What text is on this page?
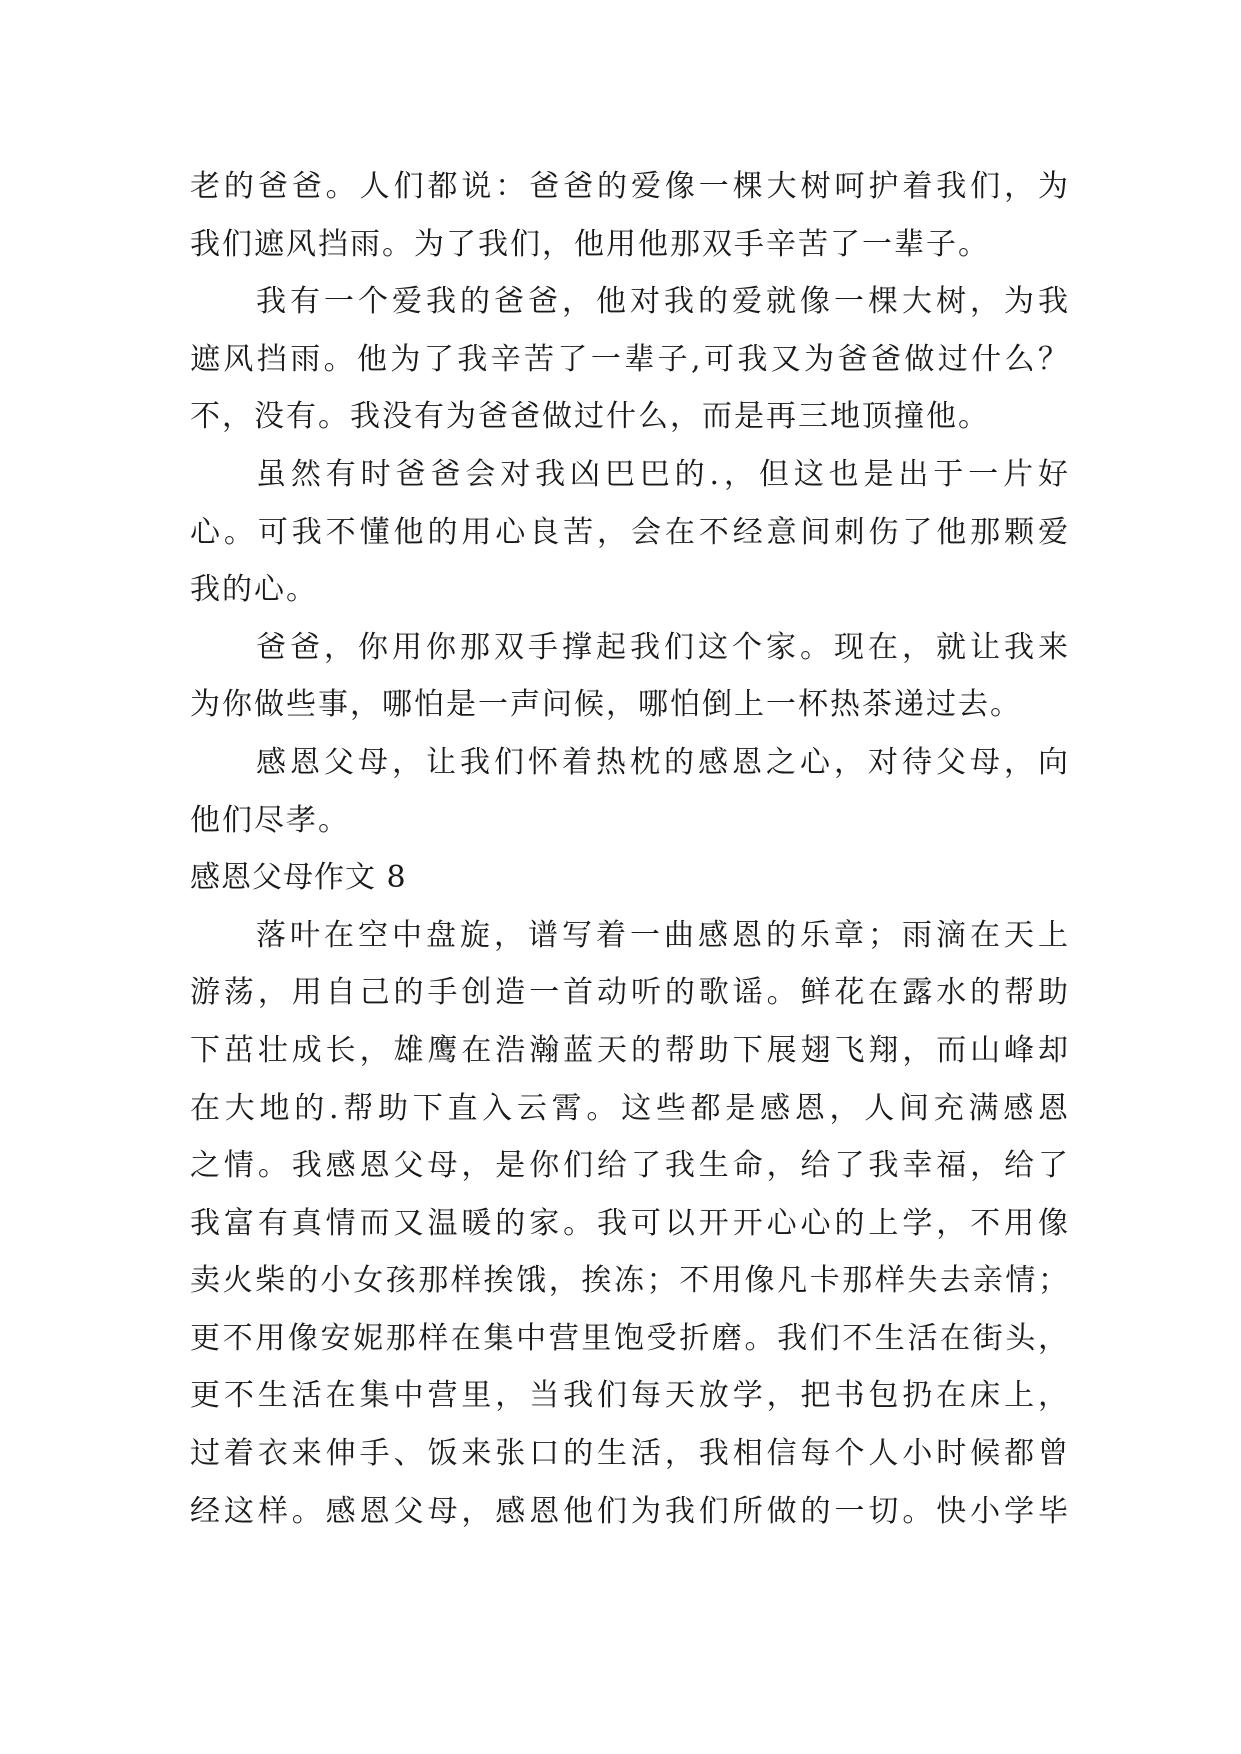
老的爸爸。人们都说：爸爸的爱像一棵大树呵护着我们，为
我们遮风挡雨。为了我们，他用他那双手辛苦了一辈子。
我有一个爱我的爸爸，他对我的爱就像一棵大树，为我
遮风挡雨。他为了我辛苦了一辈子,可我又为爸爸做过什么？
不，没有。我没有为爸爸做过什么，而是再三地顶撞他。
虽然有时爸爸会对我凶巴巴的.，但这也是出于一片好
心。可我不懂他的用心良苦，会在不经意间刺伤了他那颗爱
我的心。
爸爸，你用你那双手撑起我们这个家。现在，就让我来
为你做些事，哪怕是一声问候，哪怕倒上一杯热茶递过去。
感恩父母，让我们怀着热枕的感恩之心，对待父母，向
他们尽孝。
感恩父母作文 8
落叶在空中盘旋，谱写着一曲感恩的乐章；雨滴在天上
游荡，用自己的手创造一首动听的歌谣。鲜花在露水的帮助
下茁壮成长，雄鹰在浩瀚蓝天的帮助下展翅飞翔，而山峰却
在大地的.帮助下直入云霄。这些都是感恩，人间充满感恩
之情。我感恩父母，是你们给了我生命，给了我幸福，给了
我富有真情而又温暖的家。我可以开开心心的上学，不用像
卖火柴的小女孩那样挨饿，挨冻；不用像凡卡那样失去亲情；
更不用像安妮那样在集中营里饱受折磨。我们不生活在街头，
更不生活在集中营里，当我们每天放学，把书包扔在床上，
过着衣来伸手、饭来张口的生活，我相信每个人小时候都曾
经这样。感恩父母，感恩他们为我们所做的一切。快小学毕
